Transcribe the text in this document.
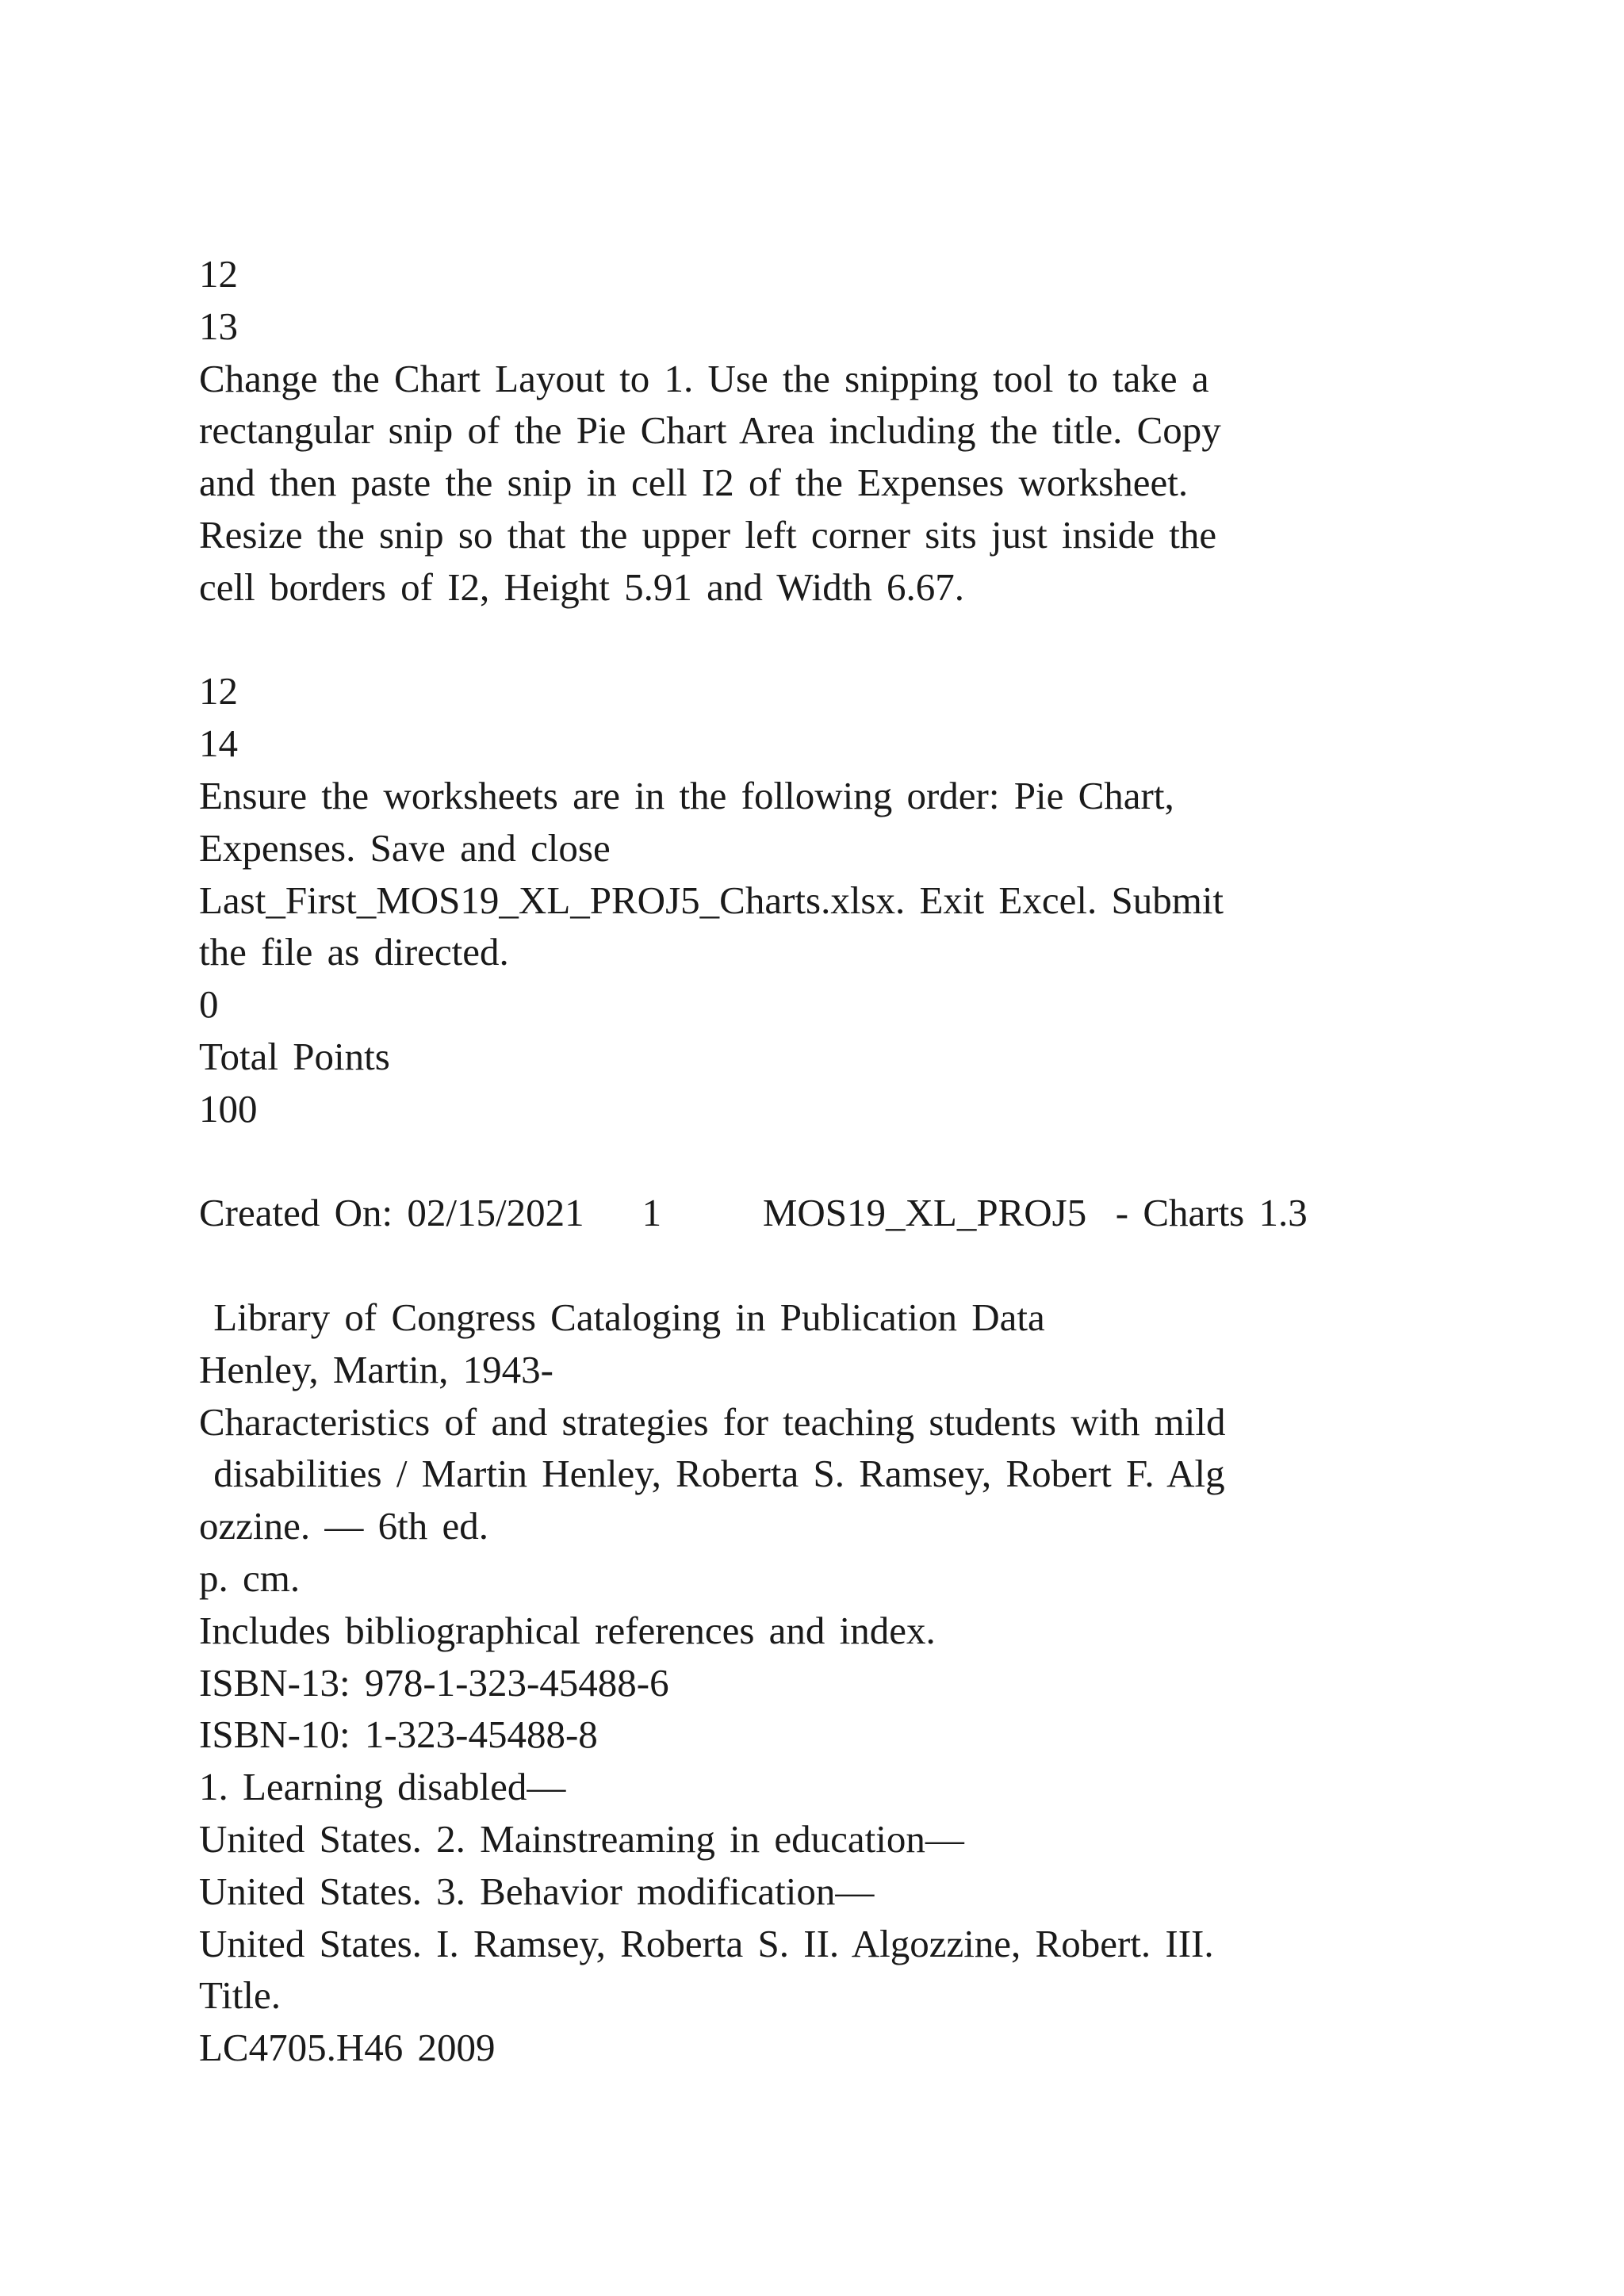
12
13
Change the Chart Layout to 1. Use the snipping tool to take a
rectangular snip of the Pie Chart Area including the title. Copy
and then paste the snip in cell I2 of the Expenses worksheet.
Resize the snip so that the upper left corner sits just inside the
cell borders of I2, Height 5.91 and Width 6.67.
12
14
Ensure the worksheets are in the following order: Pie Chart,
Expenses. Save and close
Last_First_MOS19_XL_PROJ5_Charts.xlsx. Exit Excel. Submit
the file as directed.
0
Total Points
100
Created On: 02/15/2021    1       MOS19_XL_PROJ5  - Charts 1.3
Library of Congress Cataloging in Publication Data
Henley, Martin, 1943-
Characteristics of and strategies for teaching students with mild
disabilities / Martin Henley, Roberta S. Ramsey, Robert F. Alg
ozzine. — 6th ed.
p. cm.
Includes bibliographical references and index.
ISBN-13: 978-1-323-45488-6
ISBN-10: 1-323-45488-8
1. Learning disabled—
United States. 2. Mainstreaming in education—
United States. 3. Behavior modification—
United States. I. Ramsey, Roberta S. II. Algozzine, Robert. III.
Title.
LC4705.H46 2009
